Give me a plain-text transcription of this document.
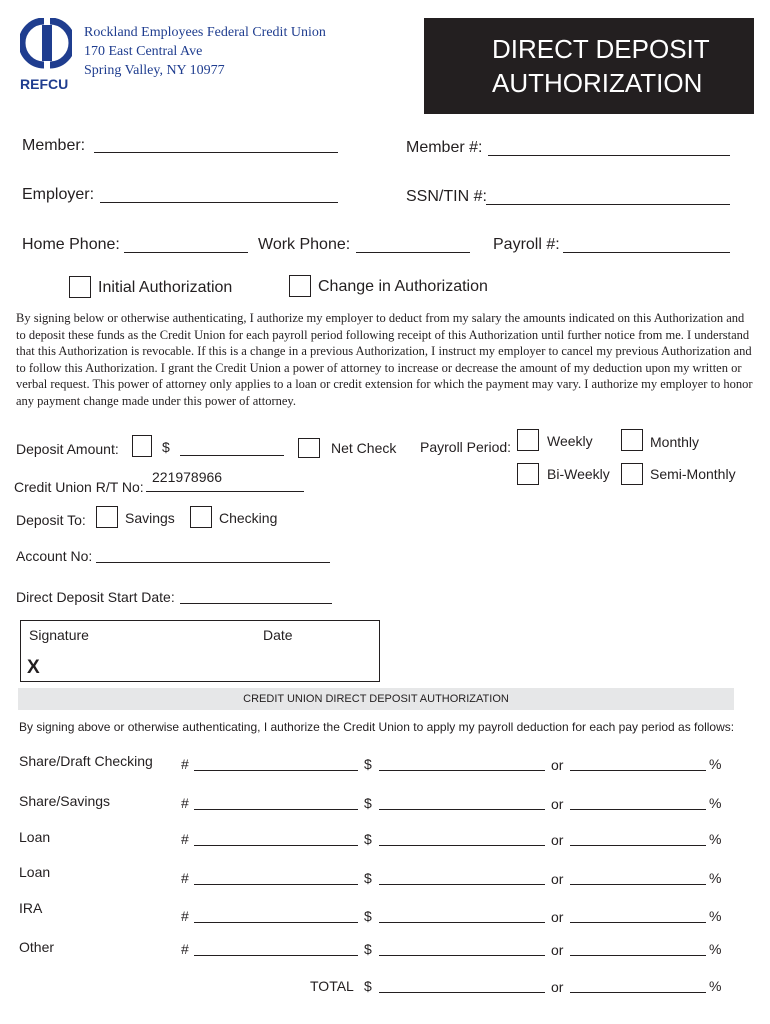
REFCU
Rockland Employees Federal Credit Union
170 East Central Ave
Spring Valley, NY 10977
DIRECT DEPOSIT
AUTHORIZATION
Member:	Member #:
Employer:	SSN/TIN #:
Home Phone:	Work Phone:	Payroll #:
Initial Authorization	Change in Authorization
By signing below or otherwise authenticating, I authorize my employer to deduct from my salary the amounts indicated on this Authorization and to deposit these funds as the Credit Union for each payroll period following receipt of this Authorization until further notice from me. I understand that this Authorization is revocable. If this is a change in a previous Authorization, I instruct my employer to cancel my previous Authorization and to follow this Authorization. I grant the Credit Union a power of attorney to increase or decrease the amount of my deduction upon my written or verbal request. This power of attorney only applies to a loan or credit extension for which the payment may vary. I authorize my employer to honor any payment change made under this power of attorney.
Deposit Amount:	$	Net Check Payroll Period:	Weekly	Monthly
Bi-Weekly	Semi-Monthly
Credit Union R/T No:
221978966
Deposit To:	Savings	Checking
Account No:
Direct Deposit Start Date:
Signature	Date
X
CREDIT UNION DIRECT DEPOSIT AUTHORIZATION
By signing above or otherwise authenticating, I authorize the Credit Union to apply my payroll deduction for each pay period as follows:
Share/Draft Checking #	$	or	%
Share/Savings	#	$	or	%
Loan	#	$	or	%
Loan	#	$	or	%
IRA	#	$	or	%
Other	#	$	or	%
TOTAL $	or	%
